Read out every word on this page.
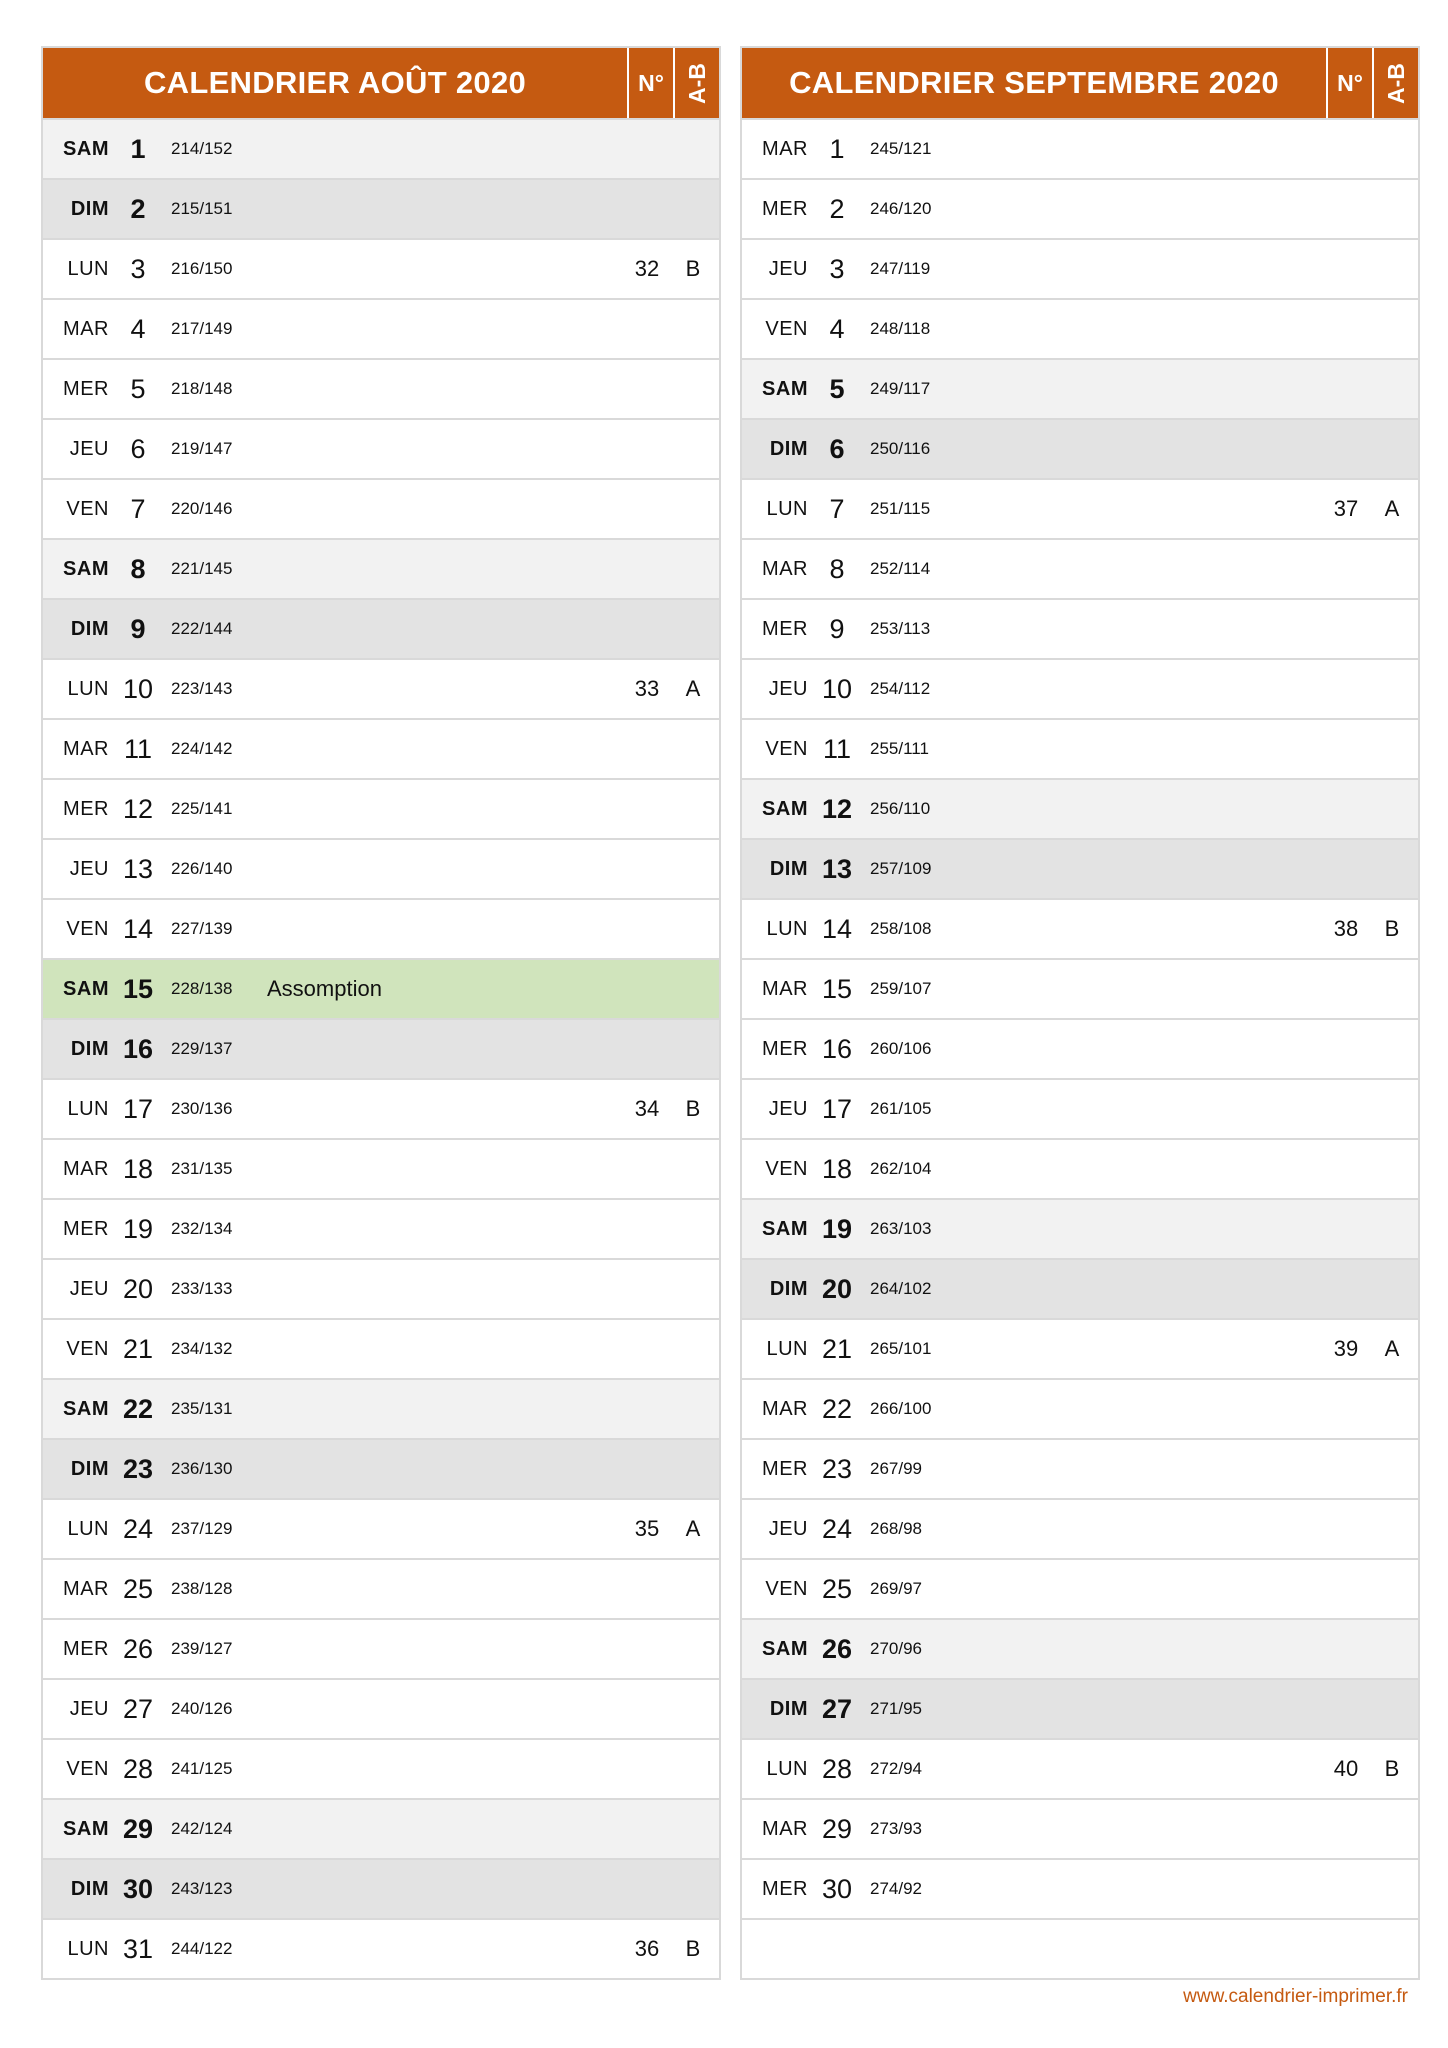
CALENDRIER AOÛT 2020	N° A-B
SAM 1	214/152
DIM 2	215/151
LUN 3	216/150	32	B
MAR 4	217/149
MER 5	218/148
JEU 6	219/147
VEN 7	220/146
SAM 8	221/145
DIM 9	222/144
LUN 10	223/143	33	A
MAR 11	224/142
MER 12	225/141
JEU 13	226/140
VEN 14	227/139
SAM 15	228/138	Assomption
DIM 16	229/137
LUN 17	230/136	34	B
MAR 18	231/135
MER 19	232/134
JEU 20	233/133
VEN 21	234/132
SAM 22	235/131
DIM 23	236/130
LUN 24	237/129	35	A
MAR 25	238/128
MER 26	239/127
JEU 27	240/126
VEN 28	241/125
SAM 29	242/124
DIM 30	243/123
LUN 31	244/122	36	B
CALENDRIER SEPTEMBRE 2020	N° A-B
MAR 1	245/121
MER 2	246/120
JEU 3	247/119
VEN 4	248/118
SAM 5	249/117
DIM 6	250/116
LUN 7	251/115	37	A
MAR 8	252/114
MER 9	253/113
JEU 10	254/112
VEN 11	255/111
SAM 12	256/110
DIM 13	257/109
LUN 14	258/108	38	B
MAR 15	259/107
MER 16	260/106
JEU 17	261/105
VEN 18	262/104
SAM 19	263/103
DIM 20	264/102
LUN 21	265/101	39	A
MAR 22	266/100
MER 23	267/99
JEU 24	268/98
VEN 25	269/97
SAM 26	270/96
DIM 27	271/95
LUN 28	272/94	40	B
MAR 29	273/93
MER 30	274/92
www.calendrier-imprimer.fr
